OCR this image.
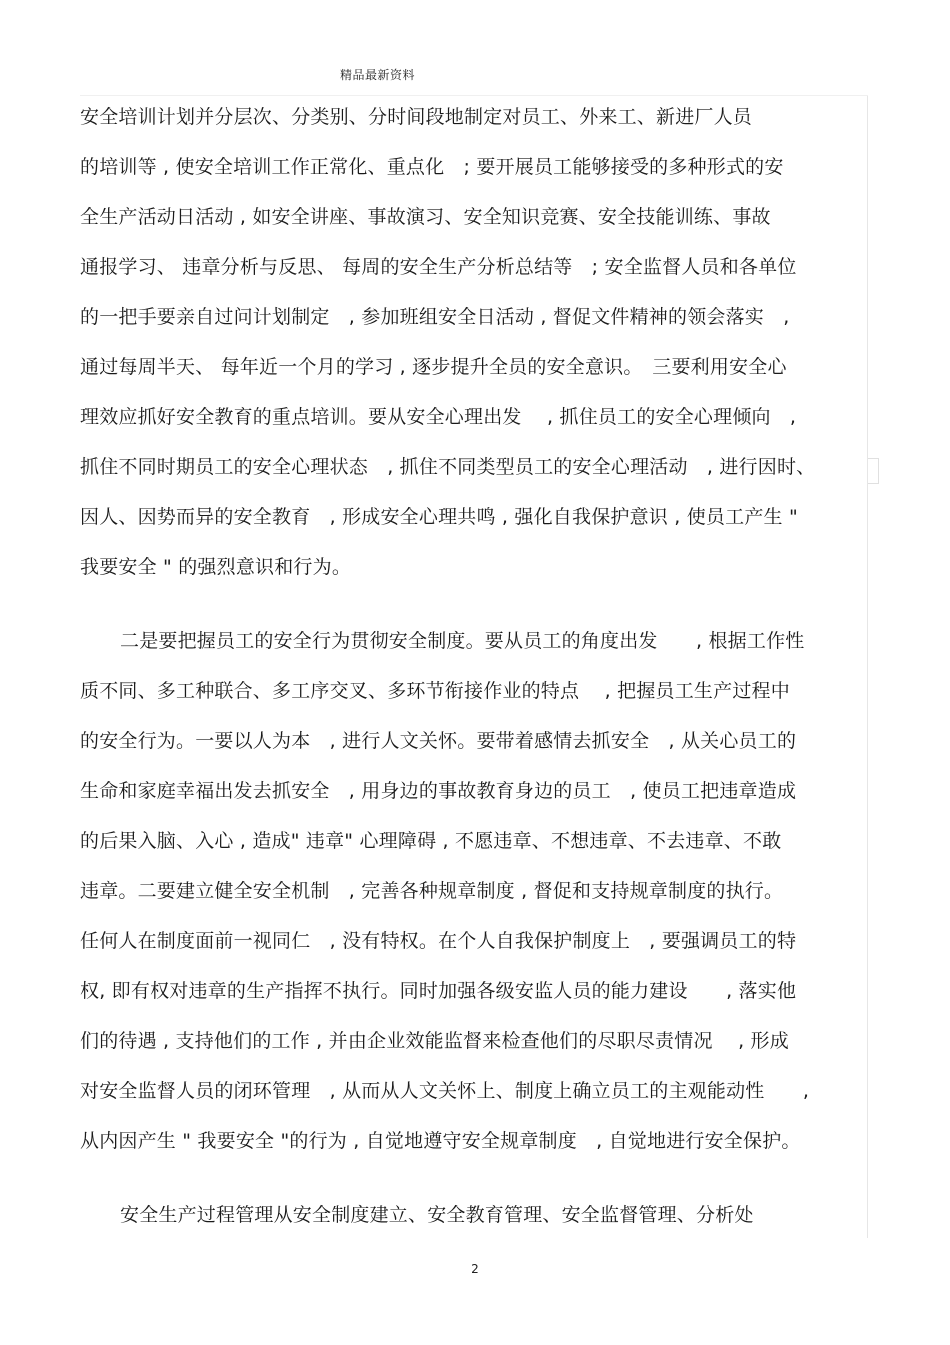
精品最新资料
安全培训计划并分层次、分类别、分时间段地制定对员工、外来工、新进厂人员
的培训等 , 使安全培训工作正常化、重点化　; 要开展员工能够接受的多种形式的安
全生产活动日活动 , 如安全讲座、事故演习、安全知识竞赛、安全技能训练、事故
通报学习、 违章分析与反思、 每周的安全生产分析总结等　; 安全监督人员和各单位
的一把手要亲自过问计划制定　, 参加班组安全日活动 , 督促文件精神的领会落实　,
通过每周半天、 每年近一个月的学习 , 逐步提升全员的安全意识。　三要利用安全心
理效应抓好安全教育的重点培训。要从安全心理出发　 , 抓住员工的安全心理倾向　,
抓住不同时期员工的安全心理状态　, 抓住不同类型员工的安全心理活动　, 进行因时、
因人、因势而异的安全教育　, 形成安全心理共鸣 , 强化自我保护意识 , 使员工产生 "
我要安全 " 的强烈意识和行为。
二是要把握员工的安全行为贯彻安全制度。要从员工的角度出发　　, 根据工作性
质不同、多工种联合、多工序交叉、多环节衔接作业的特点　 , 把握员工生产过程中
的安全行为。一要以人为本　, 进行人文关怀。要带着感情去抓安全　, 从关心员工的
生命和家庭幸福出发去抓安全　, 用身边的事故教育身边的员工　, 使员工把违章造成
的后果入脑、入心 , 造成" 违章" 心理障碍 , 不愿违章、不想违章、不去违章、不敢
违章。二要建立健全安全机制　, 完善各种规章制度 , 督促和支持规章制度的执行。
任何人在制度面前一视同仁　, 没有特权。在个人自我保护制度上　, 要强调员工的特
权, 即有权对违章的生产指挥不执行。同时加强各级安监人员的能力建设　　, 落实他
们的待遇 , 支持他们的工作 , 并由企业效能监督来检查他们的尽职尽责情况　 , 形成
对安全监督人员的闭环管理　, 从而从人文关怀上、制度上确立员工的主观能动性　　,
从内因产生 " 我要安全 "的行为 , 自觉地遵守安全规章制度　, 自觉地进行安全保护。
安全生产过程管理从安全制度建立、安全教育管理、安全监督管理、分析处
2
